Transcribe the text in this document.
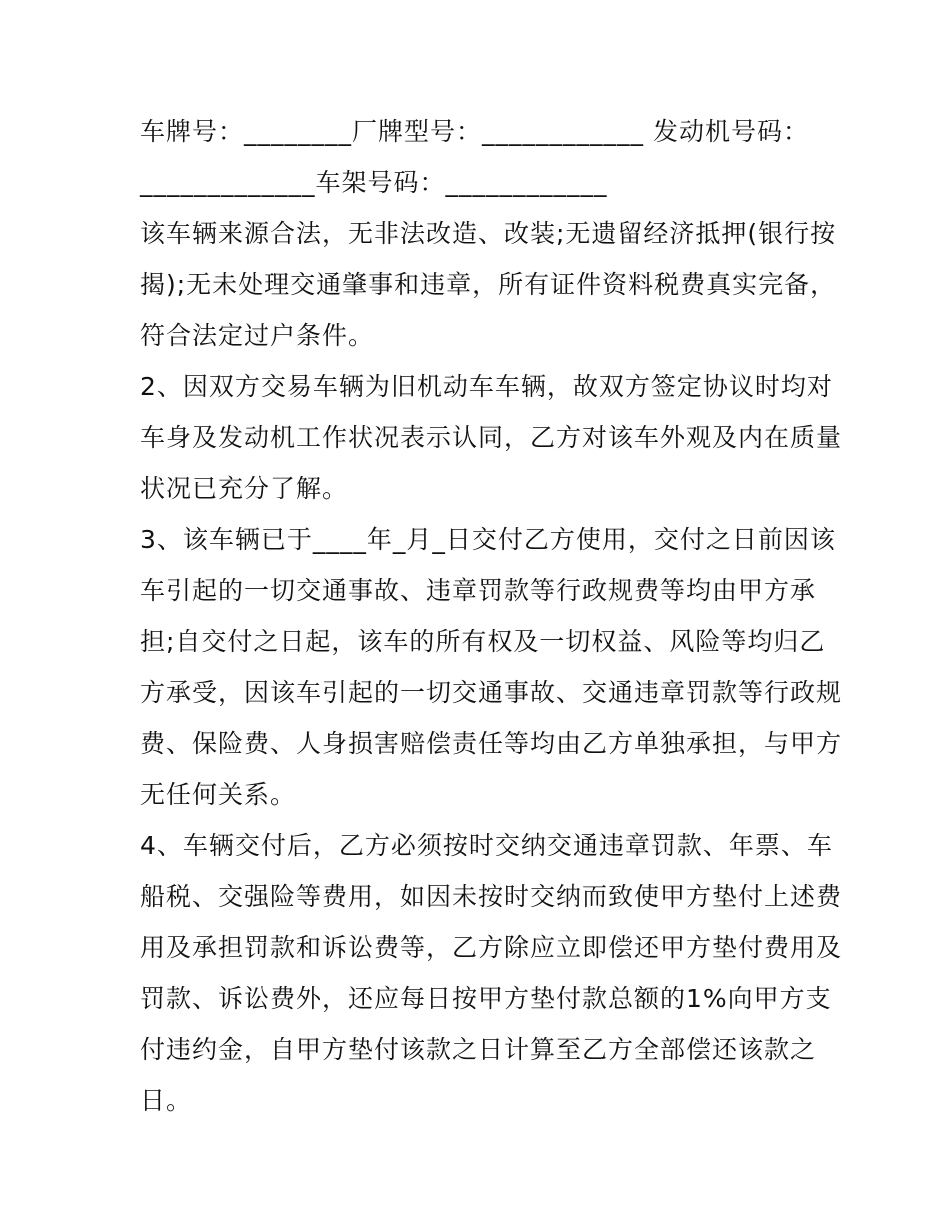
车牌号：________厂牌型号：____________ 发动机号码：
_____________车架号码：____________
该车辆来源合法，无非法改造、改装;无遗留经济抵押(银行按
揭);无未处理交通肇事和违章，所有证件资料税费真实完备，
符合法定过户条件。
2、因双方交易车辆为旧机动车车辆，故双方签定协议时均对
车身及发动机工作状况表示认同，乙方对该车外观及内在质量
状况已充分了解。
3、该车辆已于____年_月_日交付乙方使用，交付之日前因该
车引起的一切交通事故、违章罚款等行政规费等均由甲方承
担;自交付之日起，该车的所有权及一切权益、风险等均归乙
方承受，因该车引起的一切交通事故、交通违章罚款等行政规
费、保险费、人身损害赔偿责任等均由乙方单独承担，与甲方
无任何关系。
4、车辆交付后，乙方必须按时交纳交通违章罚款、年票、车
船税、交强险等费用，如因未按时交纳而致使甲方垫付上述费
用及承担罚款和诉讼费等，乙方除应立即偿还甲方垫付费用及
罚款、诉讼费外，还应每日按甲方垫付款总额的1%向甲方支
付违约金，自甲方垫付该款之日计算至乙方全部偿还该款之
日。
